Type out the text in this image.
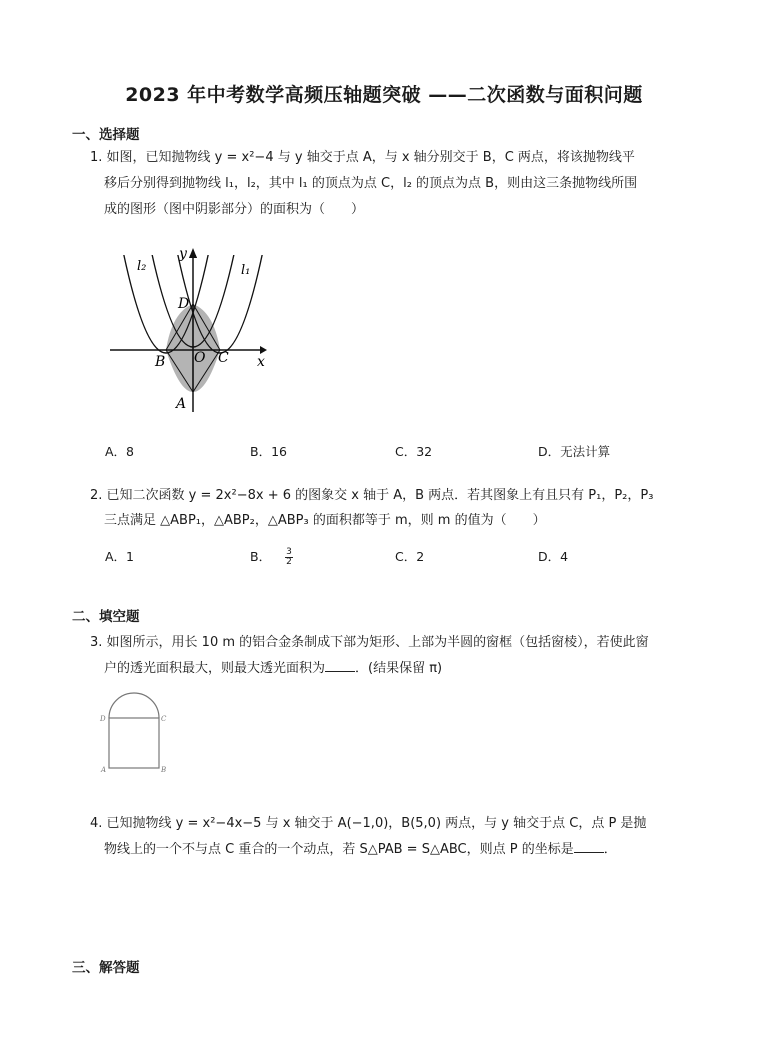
2023 年中考数学高频压轴题突破 ——二次函数与面积问题
一、选择题
1. 如图，已知抛物线 y = x²−4 与 y 轴交于点 A，与 x 轴分别交于 B，C 两点，将该抛物线平
移后分别得到抛物线 l₁，l₂，其中 l₁ 的顶点为点 C，l₂ 的顶点为点 B，则由这三条抛物线所围
成的图形（图中阴影部分）的面积为（　　）
y
x
l₁
l₂
D
B O C
A
A．8	B．16	C．32	D．无法计算
2. 已知二次函数 y = 2x²−8x + 6 的图象交 x 轴于 A，B 两点．若其图象上有且只有 P₁，P₂，P₃
三点满足 △ABP₁，△ABP₂，△ABP₃ 的面积都等于 m，则 m 的值为（　　）
A．1	B． $\frac{3}{2}$	C．2	D．4
二、填空题
3. 如图所示，用长 10 m 的铝合金条制成下部为矩形、上部为半圆的窗框（包括窗棱），若使此窗
户的透光面积最大，则最大透光面积为 ．(结果保留 π)
D	C
A	B
4. 已知抛物线 y = x²−4x−5 与 x 轴交于 A(−1,0)，B(5,0) 两点，与 y 轴交于点 C，点 P 是抛
物线上的一个不与点 C 重合的一个动点，若 S△PAB = S△ABC，则点 P 的坐标是 ．
三、解答题
